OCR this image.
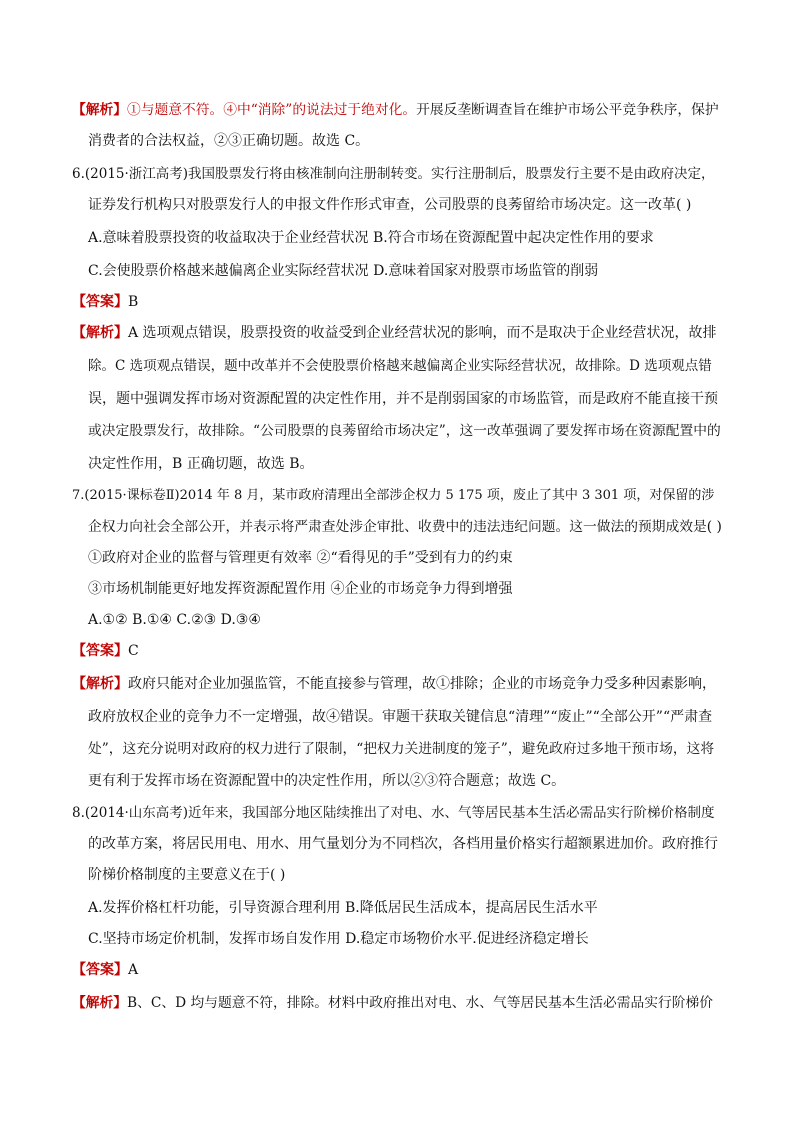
【解析】①与题意不符。④中“消除”的说法过于绝对化。开展反垄断调查旨在维护市场公平竞争秩序，保护
消费者的合法权益，②③正确切题。故选 C。
6.(2015·浙江高考)我国股票发行将由核准制向注册制转变。实行注册制后，股票发行主要不是由政府决定，
证券发行机构只对股票发行人的申报文件作形式审查，公司股票的良莠留给市场决定。这一改革( )
A.意味着股票投资的收益取决于企业经营状况 B.符合市场在资源配置中起决定性作用的要求
C.会使股票价格越来越偏离企业实际经营状况 D.意味着国家对股票市场监管的削弱
【答案】B
【解析】A 选项观点错误，股票投资的收益受到企业经营状况的影响，而不是取决于企业经营状况，故排
除。C 选项观点错误，题中改革并不会使股票价格越来越偏离企业实际经营状况，故排除。D 选项观点错
误，题中强调发挥市场对资源配置的决定性作用，并不是削弱国家的市场监管，而是政府不能直接干预
或决定股票发行，故排除。“公司股票的良莠留给市场决定”，这一改革强调了要发挥市场在资源配置中的
决定性作用，B 正确切题，故选 B。
7.(2015·课标卷Ⅱ)2014 年 8 月，某市政府清理出全部涉企权力 5 175 项，废止了其中 3 301 项，对保留的涉
企权力向社会全部公开，并表示将严肃查处涉企审批、收费中的违法违纪问题。这一做法的预期成效是( )
①政府对企业的监督与管理更有效率 ②“看得见的手”受到有力的约束
③市场机制能更好地发挥资源配置作用 ④企业的市场竞争力得到增强
A.①② B.①④ C.②③ D.③④
【答案】C
【解析】政府只能对企业加强监管，不能直接参与管理，故①排除；企业的市场竞争力受多种因素影响，
政府放权企业的竞争力不一定增强，故④错误。审题干获取关键信息“清理”“废止”“全部公开”“严肃查
处”，这充分说明对政府的权力进行了限制，“把权力关进制度的笼子”，避免政府过多地干预市场，这将
更有利于发挥市场在资源配置中的决定性作用，所以②③符合题意；故选 C。
8.(2014·山东高考)近年来，我国部分地区陆续推出了对电、水、气等居民基本生活必需品实行阶梯价格制度
的改革方案，将居民用电、用水、用气量划分为不同档次，各档用量价格实行超额累进加价。政府推行
阶梯价格制度的主要意义在于( )
A.发挥价格杠杆功能，引导资源合理利用 B.降低居民生活成本，提高居民生活水平
C.坚持市场定价机制，发挥市场自发作用 D.稳定市场物价水平.促进经济稳定增长
【答案】A
【解析】B、C、D 均与题意不符，排除。材料中政府推出对电、水、气等居民基本生活必需品实行阶梯价
